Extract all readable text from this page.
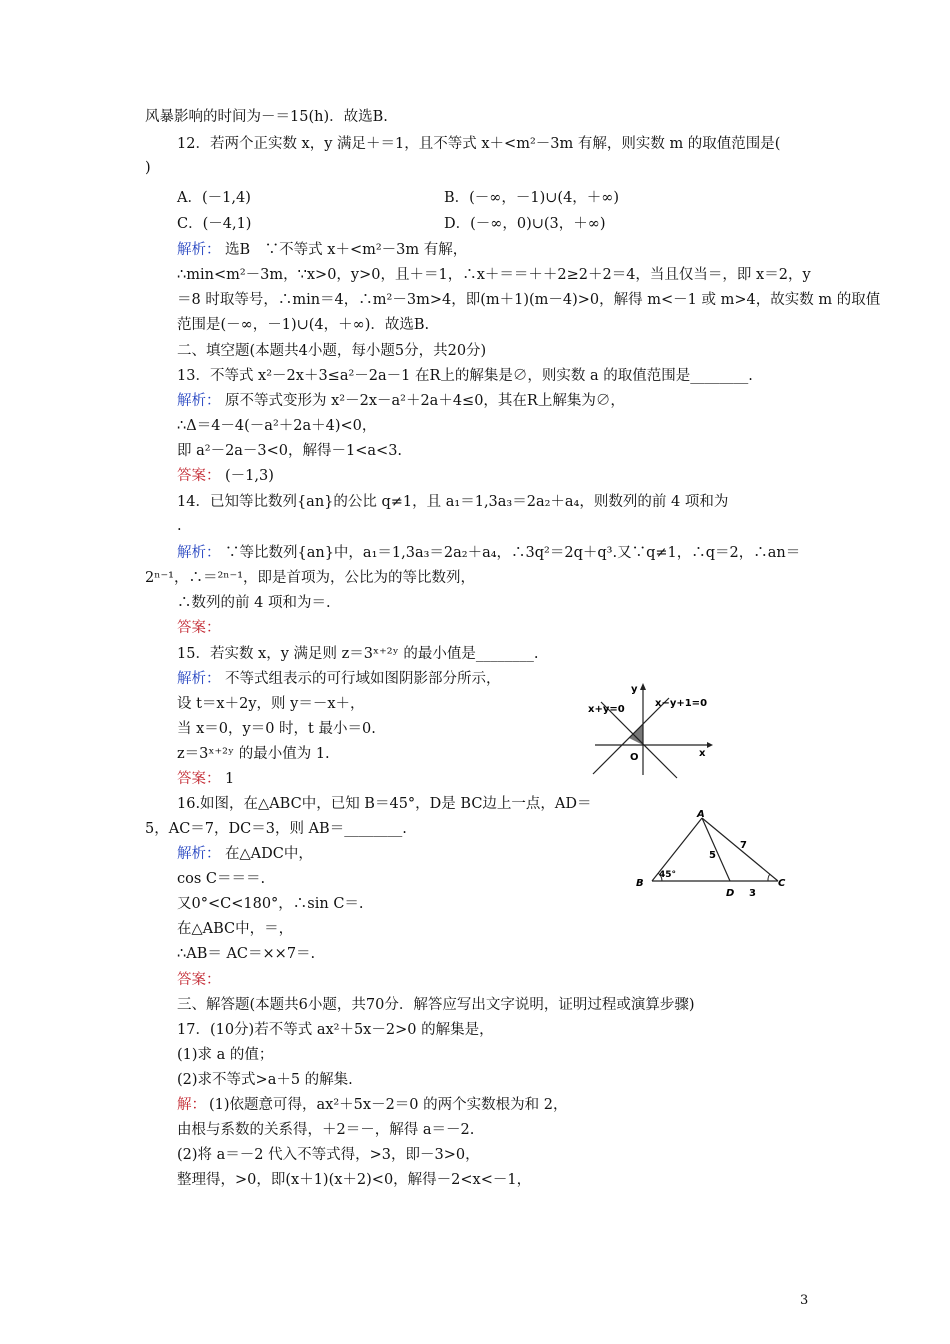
风暴影响的时间为－＝15(h)．故选B.
12．若两个正实数 x，y 满足＋＝1，且不等式 x＋<m²－3m 有解，则实数 m 的取值范围是(
)
A．(－1,4)	B．(－∞，－1)∪(4，＋∞)
C．(－4,1)	D．(－∞，0)∪(3，＋∞)
解析： 选B　∵不等式 x＋<m²－3m 有解，
∴min<m²－3m，∵x>0，y>0，且＋＝1，∴x＋＝＝＋＋2≥2＋2＝4，当且仅当＝，即 x＝2，y
＝8 时取等号，∴min＝4，∴m²－3m>4，即(m＋1)(m－4)>0，解得 m<－1 或 m>4，故实数 m 的取值
范围是(－∞，－1)∪(4，＋∞)．故选B.
二、填空题(本题共4小题，每小题5分，共20分)
13．不等式 x²－2x＋3≤a²－2a－1 在R上的解集是∅，则实数 a 的取值范围是________.
解析： 原不等式变形为 x²－2x－a²＋2a＋4≤0，其在R上解集为∅，
∴Δ＝4－4(－a²＋2a＋4)<0，
即 a²－2a－3<0，解得－1<a<3.
答案： (－1,3)
14．已知等比数列{an}的公比 q≠1，且 a₁＝1,3a₃＝2a₂＋a₄，则数列的前 4 项和为
.
解析： ∵等比数列{an}中，a₁＝1,3a₃＝2a₂＋a₄，∴3q²＝2q＋q³.又∵q≠1，∴q＝2，∴an＝
2ⁿ⁻¹，∴＝²ⁿ⁻¹，即是首项为，公比为的等比数列，
∴数列的前 4 项和为＝.
答案：
15．若实数 x，y 满足则 z＝3ˣ⁺²ʸ 的最小值是________.
解析： 不等式组表示的可行域如图阴影部分所示，
设 t＝x＋2y，则 y＝－x＋，
当 x＝0，y＝0 时，t 最小＝0.
z＝3ˣ⁺²ʸ 的最小值为 1.
答案： 1
16.如图，在△ABC中，已知 B＝45°，D是 BC边上一点，AD＝
5，AC＝7，DC＝3，则 AB＝________.
解析： 在△ADC中，
cos C＝＝＝.
又0°<C<180°，∴sin C＝.
在△ABC中，＝，
∴AB＝ AC＝××7＝.
答案：
三、解答题(本题共6小题，共70分．解答应写出文字说明，证明过程或演算步骤)
17．(10分)若不等式 ax²＋5x－2>0 的解集是，
(1)求 a 的值；
(2)求不等式>a＋5 的解集.
解： (1)依题意可得，ax²＋5x－2＝0 的两个实数根为和 2，
由根与系数的关系得，＋2＝－，解得 a＝－2.
(2)将 a＝－2 代入不等式得，>3，即－3>0，
整理得，>0，即(x＋1)(x＋2)<0，解得－2<x<－1，
y
x
O
x+y=0
x−y+1=0
A
B	C
D
45°
5
7
3
3
